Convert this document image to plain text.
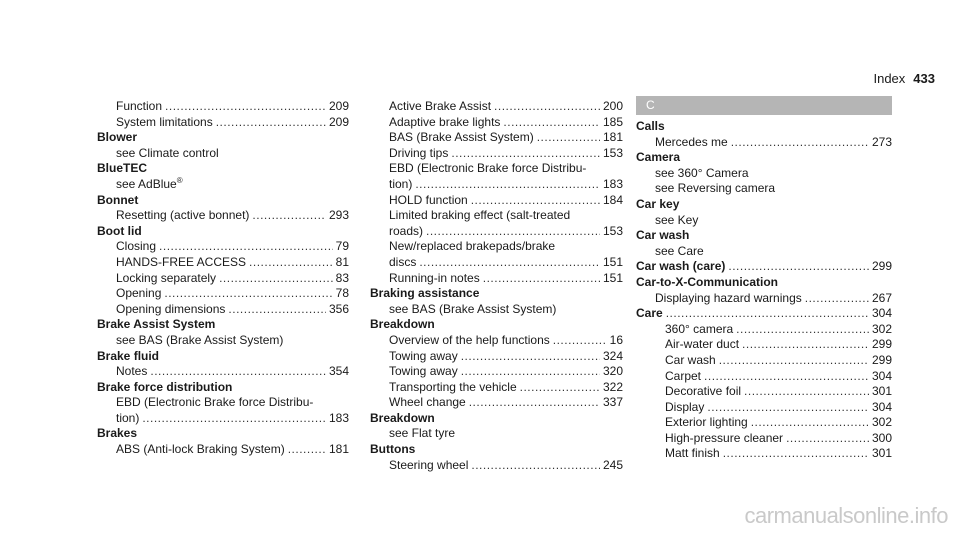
Index 433
Function .....	209
System limitations .....	209
Blower
see Climate control
BlueTEC
see AdBlue®
Bonnet
Resetting (active bonnet) .....	293
Boot lid
Closing .....	79
HANDS-FREE ACCESS .....	81
Locking separately .....	83
Opening .....	78
Opening dimensions .....	356
Brake Assist System
see BAS (Brake Assist System)
Brake fluid
Notes .....	354
Brake force distribution
EBD (Electronic Brake force Distribu-
tion) .....	183
Brakes
ABS (Anti-lock Braking System) .....	181
Active Brake Assist .....	200
Adaptive brake lights .....	185
BAS (Brake Assist System) .....	181
Driving tips .....	153
EBD (Electronic Brake force Distribu-
tion) .....	183
HOLD function .....	184
Limited braking effect (salt-treated
roads) .....	153
New/replaced brakepads/brake
discs .....	151
Running-in notes .....	151
Braking assistance
see BAS (Brake Assist System)
Breakdown
Overview of the help functions .....	16
Towing away .....	324
Towing away .....	320
Transporting the vehicle .....	322
Wheel change .....	337
Breakdown
see Flat tyre
Buttons
Steering wheel .....	245
C
Calls
Mercedes me .....	273
Camera
see 360° Camera
see Reversing camera
Car key
see Key
Car wash
see Care
Car wash (care) .....	299
Car-to-X-Communication
Displaying hazard warnings .....	267
Care .....	304
360° camera .....	302
Air-water duct .....	299
Car wash .....	299
Carpet .....	304
Decorative foil .....	301
Display .....	304
Exterior lighting .....	302
High-pressure cleaner .....	300
Matt finish .....	301
carmanualsonline.info
